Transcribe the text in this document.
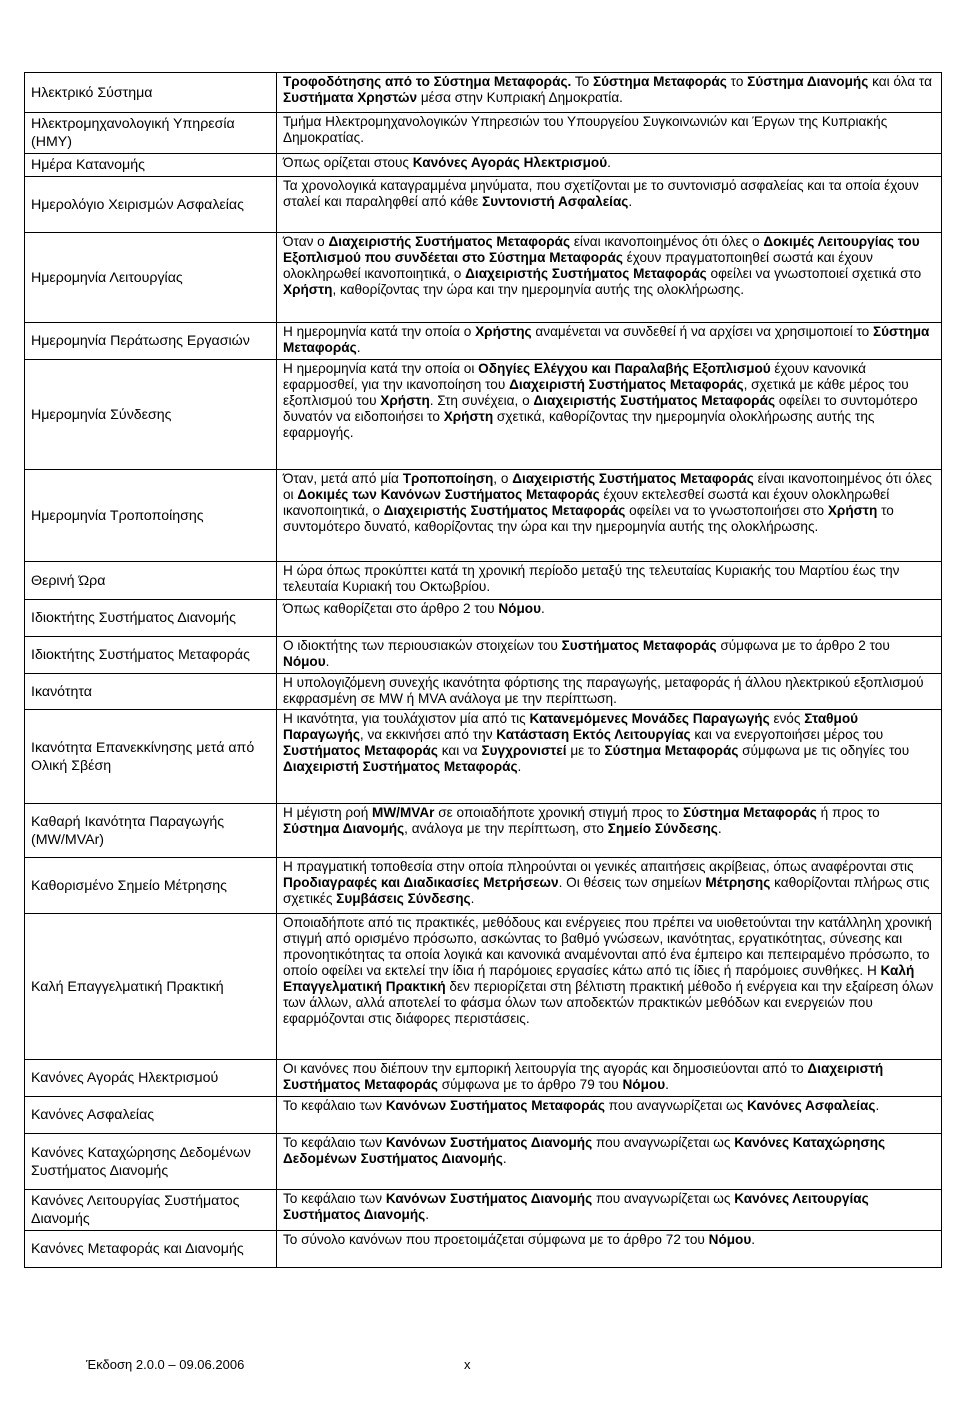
Ηλεκτρικό Σύστημα	Τροφοδότησης από το Σύστημα Μεταφοράς. Το Σύστημα Μεταφοράς το Σύστημα Διανομής και όλα τα Συστήματα Χρηστών μέσα στην Κυπριακή Δημοκρατία.
Ηλεκτρομηχανολογική Υπηρεσία (ΗΜΥ)	Τμήμα Ηλεκτρομηχανολογικών Υπηρεσιών του Υπουργείου Συγκοινωνιών και Έργων της Κυπριακής Δημοκρατίας.
Ημέρα Κατανομής	Όπως ορίζεται στους Κανόνες Αγοράς Ηλεκτρισμού.
Ημερολόγιο Χειρισμών Ασφαλείας	Τα χρονολογικά καταγραμμένα μηνύματα, που σχετίζονται με το συντονισμό ασφαλείας και τα οποία έχουν σταλεί και παραληφθεί από κάθε Συντονιστή Ασφαλείας.
Ημερομηνία Λειτουργίας	Όταν ο Διαχειριστής Συστήματος Μεταφοράς είναι ικανοποιημένος ότι όλες ο Δοκιμές Λειτουργίας του Εξοπλισμού που συνδέεται στο Σύστημα Μεταφοράς έχουν πραγματοποιηθεί σωστά και έχουν ολοκληρωθεί ικανοποιητικά, ο Διαχειριστής Συστήματος Μεταφοράς οφείλει να γνωστοποιεί σχετικά στο Χρήστη, καθορίζοντας την ώρα και την ημερομηνία αυτής της ολοκλήρωσης.
Ημερομηνία Περάτωσης Εργασιών	Η ημερομηνία κατά την οποία ο Χρήστης αναμένεται να συνδεθεί ή να αρχίσει να χρησιμοποιεί το Σύστημα Μεταφοράς.
Ημερομηνία Σύνδεσης	Η ημερομηνία κατά την οποία οι Οδηγίες Ελέγχου και Παραλαβής Εξοπλισμού έχουν κανονικά εφαρμοσθεί, για την ικανοποίηση του Διαχειριστή Συστήματος Μεταφοράς, σχετικά με κάθε μέρος του εξοπλισμού του Χρήστη. Στη συνέχεια, ο Διαχειριστής Συστήματος Μεταφοράς οφείλει το συντομότερο δυνατόν να ειδοποιήσει το Χρήστη σχετικά, καθορίζοντας την ημερομηνία ολοκλήρωσης αυτής της εφαρμογής.
Ημερομηνία Τροποποίησης	Όταν, μετά από μία Τροποποίηση, ο Διαχειριστής Συστήματος Μεταφοράς είναι ικανοποιημένος ότι όλες οι Δοκιμές των Κανόνων Συστήματος Μεταφοράς έχουν εκτελεσθεί σωστά και έχουν ολοκληρωθεί ικανοποιητικά, ο Διαχειριστής Συστήματος Μεταφοράς οφείλει να το γνωστοποιήσει στο Χρήστη το συντομότερο δυνατό, καθορίζοντας την ώρα και την ημερομηνία αυτής της ολοκλήρωσης.
Θερινή Ώρα	Η ώρα όπως προκύπτει κατά τη χρονική περίοδο μεταξύ της τελευταίας Κυριακής του Μαρτίου έως την τελευταία Κυριακή του Οκτωβρίου.
Ιδιοκτήτης Συστήματος Διανομής	Όπως καθορίζεται στο άρθρο 2 του Νόμου.
Ιδιοκτήτης Συστήματος Μεταφοράς	Ο ιδιοκτήτης των περιουσιακών στοιχείων του Συστήματος Μεταφοράς σύμφωνα με το άρθρο 2 του Νόμου.
Ικανότητα	Η υπολογιζόμενη συνεχής ικανότητα φόρτισης της παραγωγής, μεταφοράς ή άλλου ηλεκτρικού εξοπλισμού εκφρασμένη σε MW ή MVA ανάλογα με την περίπτωση.
Ικανότητα Επανεκκίνησης μετά από Ολική Σβέση	Η ικανότητα, για τουλάχιστον μία από τις Κατανεμόμενες Μονάδες Παραγωγής ενός Σταθμού Παραγωγής, να εκκινήσει από την Κατάσταση Εκτός Λειτουργίας και να ενεργοποιήσει μέρος του Συστήματος Μεταφοράς και να Συγχρονιστεί με το Σύστημα Μεταφοράς σύμφωνα με τις οδηγίες του Διαχειριστή Συστήματος Μεταφοράς.
Καθαρή Ικανότητα Παραγωγής (MW/MVAr)	Η μέγιστη ροή MW/MVAr σε οποιαδήποτε χρονική στιγμή προς το Σύστημα Μεταφοράς ή προς το Σύστημα Διανομής, ανάλογα με την περίπτωση, στο Σημείο Σύνδεσης.
Καθορισμένο Σημείο Μέτρησης	Η πραγματική τοποθεσία στην οποία πληρούνται οι γενικές απαιτήσεις ακρίβειας, όπως αναφέρονται στις Προδιαγραφές και Διαδικασίες Μετρήσεων. Οι θέσεις των σημείων Μέτρησης καθορίζονται πλήρως στις σχετικές Συμβάσεις Σύνδεσης.
Καλή Επαγγελματική Πρακτική	Οποιαδήποτε από τις πρακτικές, μεθόδους και ενέργειες που πρέπει να υιοθετούνται την κατάλληλη χρονική στιγμή από ορισμένο πρόσωπο, ασκώντας το βαθμό γνώσεων, ικανότητας, εργατικότητας, σύνεσης και προνοητικότητας τα οποία λογικά και κανονικά αναμένονται από ένα έμπειρο και πεπειραμένο πρόσωπο, το οποίο οφείλει να εκτελεί την ίδια ή παρόμοιες εργασίες κάτω από τις ίδιες ή παρόμοιες συνθήκες. Η Καλή Επαγγελματική Πρακτική δεν περιορίζεται στη βέλτιστη πρακτική μέθοδο ή ενέργεια και την εξαίρεση όλων των άλλων, αλλά αποτελεί το φάσμα όλων των αποδεκτών πρακτικών μεθόδων και ενεργειών που εφαρμόζονται στις διάφορες περιστάσεις.
Κανόνες Αγοράς Ηλεκτρισμού	Οι κανόνες που διέπουν την εμπορική λειτουργία της αγοράς και δημοσιεύονται από το Διαχειριστή Συστήματος Μεταφοράς σύμφωνα με το άρθρο 79 του Νόμου.
Κανόνες Ασφαλείας	Το κεφάλαιο των Κανόνων Συστήματος Μεταφοράς που αναγνωρίζεται ως Κανόνες Ασφαλείας.
Κανόνες Καταχώρησης Δεδομένων Συστήματος Διανομής	Το κεφάλαιο των Κανόνων Συστήματος Διανομής που αναγνωρίζεται ως Κανόνες Καταχώρησης Δεδομένων Συστήματος Διανομής.
Κανόνες Λειτουργίας Συστήματος Διανομής	Το κεφάλαιο των Κανόνων Συστήματος Διανομής που αναγνωρίζεται ως Κανόνες Λειτουργίας Συστήματος Διανομής.
Κανόνες Μεταφοράς και Διανομής	Το σύνολο κανόνων που προετοιμάζεται σύμφωνα με το άρθρο 72 του Νόμου.
Έκδοση 2.0.0 – 09.06.2006	x
